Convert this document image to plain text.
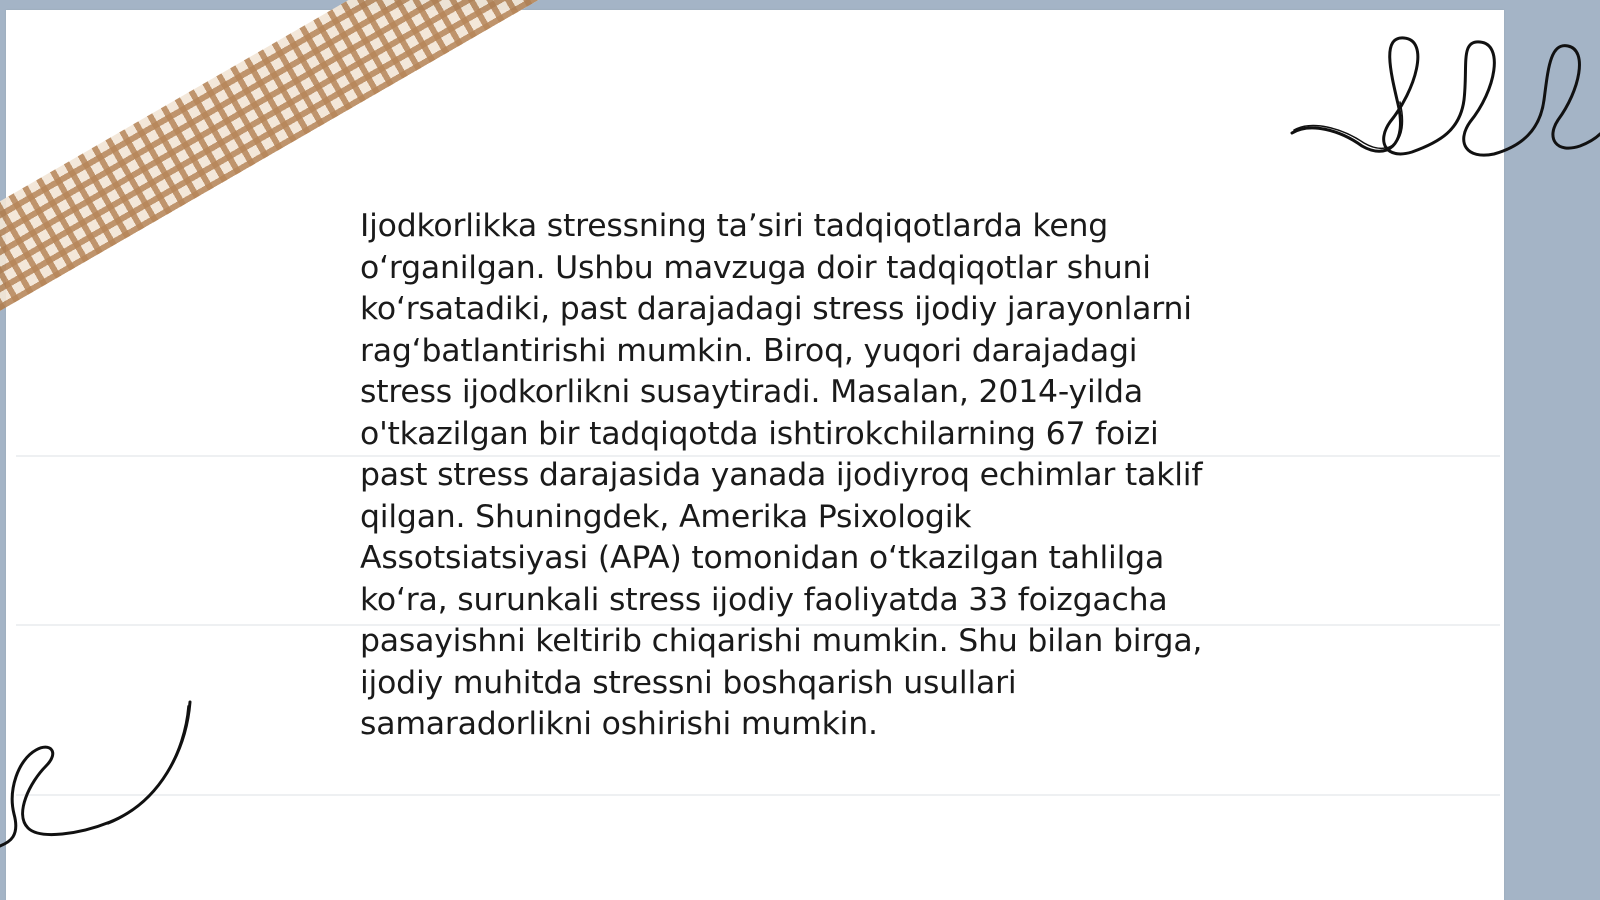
Ijodkorlikka stressning ta’siri tadqiqotlarda keng
o‘rganilgan. Ushbu mavzuga doir tadqiqotlar shuni
ko‘rsatadiki, past darajadagi stress ijodiy jarayonlarni
rag‘batlantirishi mumkin. Biroq, yuqori darajadagi
stress ijodkorlikni susaytiradi. Masalan, 2014-yilda
o'tkazilgan bir tadqiqotda ishtirokchilarning 67 foizi
past stress darajasida yanada ijodiyroq echimlar taklif
qilgan. Shuningdek, Amerika Psixologik
Assotsiatsiyasi (APA) tomonidan o‘tkazilgan tahlilga
ko‘ra, surunkali stress ijodiy faoliyatda 33 foizgacha
pasayishni keltirib chiqarishi mumkin. Shu bilan birga,
ijodiy muhitda stressni boshqarish usullari
samaradorlikni oshirishi mumkin.
